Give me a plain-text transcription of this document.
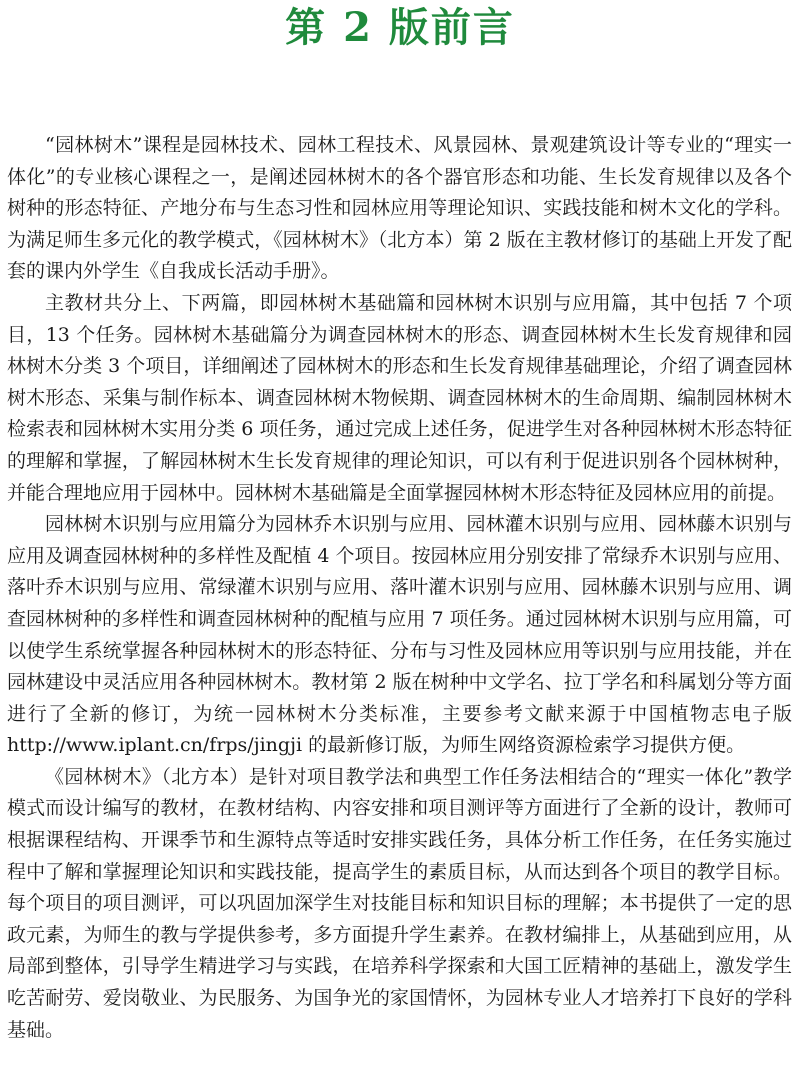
第 2 版前言

“园林树木”课程是园林技术、园林工程技术、风景园林、景观建筑设计等专业的“理实一体化”的专业核心课程之一，是阐述园林树木的各个器官形态和功能、生长发育规律以及各个树种的形态特征、产地分布与生态习性和园林应用等理论知识、实践技能和树木文化的学科。为满足师生多元化的教学模式，《园林树木》（北方本）第 2 版在主教材修订的基础上开发了配套的课内外学生《自我成长活动手册》。

主教材共分上、下两篇，即园林树木基础篇和园林树木识别与应用篇，其中包括 7 个项目，13 个任务。园林树木基础篇分为调查园林树木的形态、调查园林树木生长发育规律和园林树木分类 3 个项目，详细阐述了园林树木的形态和生长发育规律基础理论，介绍了调查园林树木形态、采集与制作标本、调查园林树木物候期、调查园林树木的生命周期、编制园林树木检索表和园林树木实用分类 6 项任务，通过完成上述任务，促进学生对各种园林树木形态特征的理解和掌握，了解园林树木生长发育规律的理论知识，可以有利于促进识别各个园林树种，并能合理地应用于园林中。园林树木基础篇是全面掌握园林树木形态特征及园林应用的前提。

园林树木识别与应用篇分为园林乔木识别与应用、园林灌木识别与应用、园林藤木识别与应用及调查园林树种的多样性及配植 4 个项目。按园林应用分别安排了常绿乔木识别与应用、落叶乔木识别与应用、常绿灌木识别与应用、落叶灌木识别与应用、园林藤木识别与应用、调查园林树种的多样性和调查园林树种的配植与应用 7 项任务。通过园林树木识别与应用篇，可以使学生系统掌握各种园林树木的形态特征、分布与习性及园林应用等识别与应用技能，并在园林建设中灵活应用各种园林树木。教材第 2 版在树种中文学名、拉丁学名和科属划分等方面进行了全新的修订，为统一园林树木分类标准，主要参考文献来源于中国植物志电子版 http://www.iplant.cn/frps/jingji 的最新修订版，为师生网络资源检索学习提供方便。

《园林树木》（北方本）是针对项目教学法和典型工作任务法相结合的“理实一体化”教学模式而设计编写的教材，在教材结构、内容安排和项目测评等方面进行了全新的设计，教师可根据课程结构、开课季节和生源特点等适时安排实践任务，具体分析工作任务，在任务实施过程中了解和掌握理论知识和实践技能，提高学生的素质目标，从而达到各个项目的教学目标。每个项目的项目测评，可以巩固加深学生对技能目标和知识目标的理解；本书提供了一定的思政元素，为师生的教与学提供参考，多方面提升学生素养。在教材编排上，从基础到应用，从局部到整体，引导学生精进学习与实践，在培养科学探索和大国工匠精神的基础上，激发学生吃苦耐劳、爱岗敬业、为民服务、为国争光的家国情怀，为园林专业人才培养打下良好的学科基础。
